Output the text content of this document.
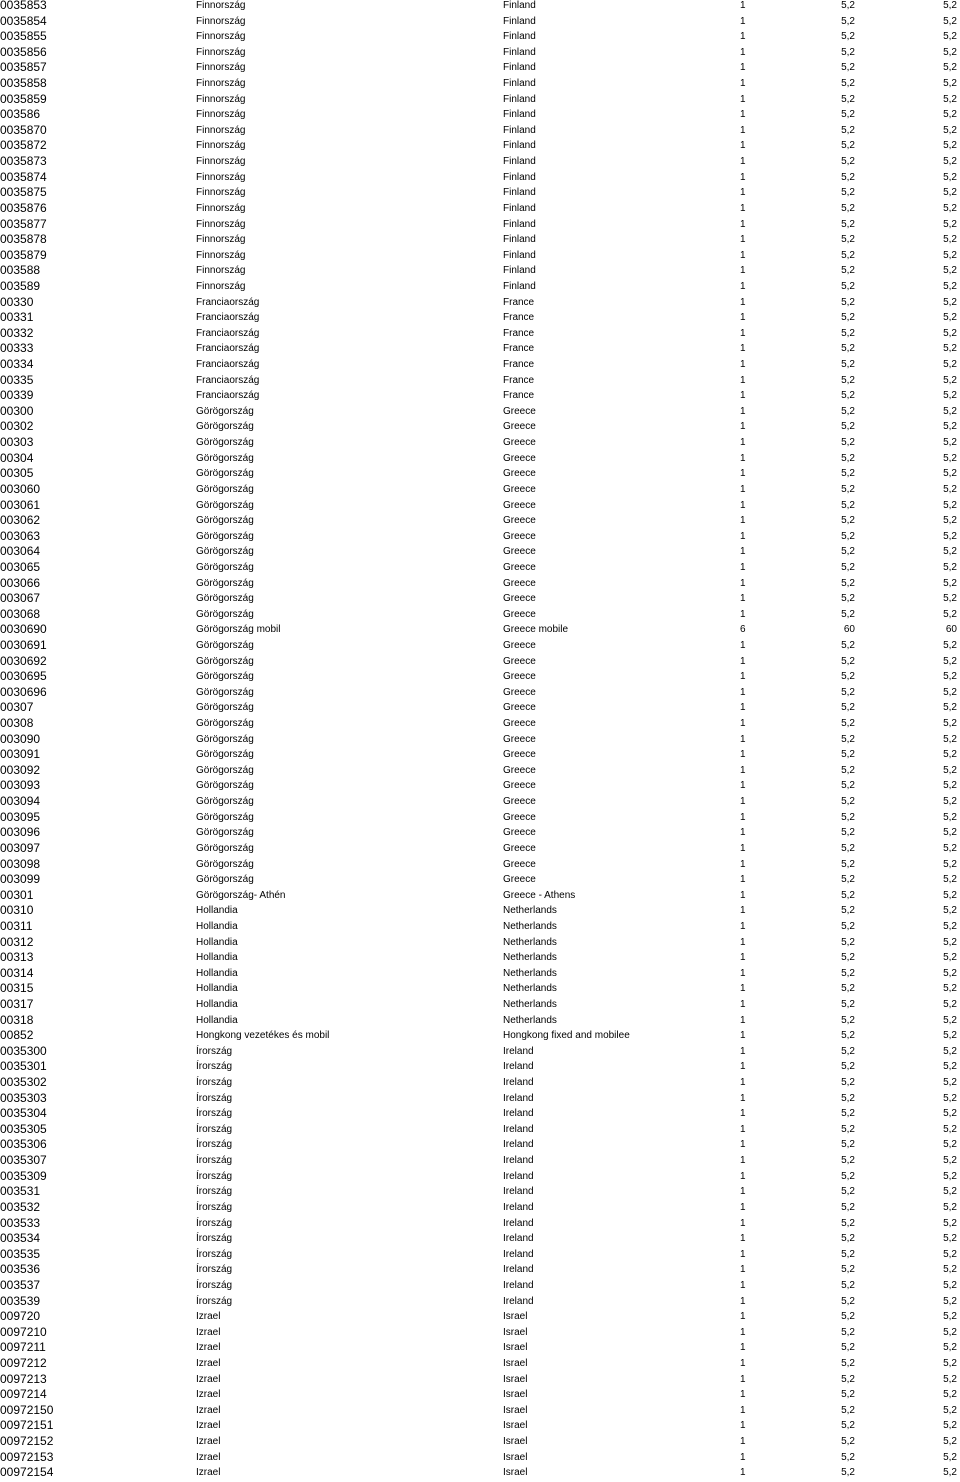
0035853	Finnország	Finland	1	5,2	5,2
0035854	Finnország	Finland	1	5,2	5,2
0035855	Finnország	Finland	1	5,2	5,2
0035856	Finnország	Finland	1	5,2	5,2
0035857	Finnország	Finland	1	5,2	5,2
0035858	Finnország	Finland	1	5,2	5,2
0035859	Finnország	Finland	1	5,2	5,2
003586	Finnország	Finland	1	5,2	5,2
0035870	Finnország	Finland	1	5,2	5,2
0035872	Finnország	Finland	1	5,2	5,2
0035873	Finnország	Finland	1	5,2	5,2
0035874	Finnország	Finland	1	5,2	5,2
0035875	Finnország	Finland	1	5,2	5,2
0035876	Finnország	Finland	1	5,2	5,2
0035877	Finnország	Finland	1	5,2	5,2
0035878	Finnország	Finland	1	5,2	5,2
0035879	Finnország	Finland	1	5,2	5,2
003588	Finnország	Finland	1	5,2	5,2
003589	Finnország	Finland	1	5,2	5,2
00330	Franciaország	France	1	5,2	5,2
00331	Franciaország	France	1	5,2	5,2
00332	Franciaország	France	1	5,2	5,2
00333	Franciaország	France	1	5,2	5,2
00334	Franciaország	France	1	5,2	5,2
00335	Franciaország	France	1	5,2	5,2
00339	Franciaország	France	1	5,2	5,2
00300	Görögország	Greece	1	5,2	5,2
00302	Görögország	Greece	1	5,2	5,2
00303	Görögország	Greece	1	5,2	5,2
00304	Görögország	Greece	1	5,2	5,2
00305	Görögország	Greece	1	5,2	5,2
003060	Görögország	Greece	1	5,2	5,2
003061	Görögország	Greece	1	5,2	5,2
003062	Görögország	Greece	1	5,2	5,2
003063	Görögország	Greece	1	5,2	5,2
003064	Görögország	Greece	1	5,2	5,2
003065	Görögország	Greece	1	5,2	5,2
003066	Görögország	Greece	1	5,2	5,2
003067	Görögország	Greece	1	5,2	5,2
003068	Görögország	Greece	1	5,2	5,2
0030690	Görögország mobil	Greece mobile	6	60	60
0030691	Görögország	Greece	1	5,2	5,2
0030692	Görögország	Greece	1	5,2	5,2
0030695	Görögország	Greece	1	5,2	5,2
0030696	Görögország	Greece	1	5,2	5,2
00307	Görögország	Greece	1	5,2	5,2
00308	Görögország	Greece	1	5,2	5,2
003090	Görögország	Greece	1	5,2	5,2
003091	Görögország	Greece	1	5,2	5,2
003092	Görögország	Greece	1	5,2	5,2
003093	Görögország	Greece	1	5,2	5,2
003094	Görögország	Greece	1	5,2	5,2
003095	Görögország	Greece	1	5,2	5,2
003096	Görögország	Greece	1	5,2	5,2
003097	Görögország	Greece	1	5,2	5,2
003098	Görögország	Greece	1	5,2	5,2
003099	Görögország	Greece	1	5,2	5,2
00301	Görögország- Athén	Greece - Athens	1	5,2	5,2
00310	Hollandia	Netherlands	1	5,2	5,2
00311	Hollandia	Netherlands	1	5,2	5,2
00312	Hollandia	Netherlands	1	5,2	5,2
00313	Hollandia	Netherlands	1	5,2	5,2
00314	Hollandia	Netherlands	1	5,2	5,2
00315	Hollandia	Netherlands	1	5,2	5,2
00317	Hollandia	Netherlands	1	5,2	5,2
00318	Hollandia	Netherlands	1	5,2	5,2
00852	Hongkong vezetékes és mobil	Hongkong fixed and mobilee	1	5,2	5,2
0035300	Írország	Ireland	1	5,2	5,2
0035301	Írország	Ireland	1	5,2	5,2
0035302	Írország	Ireland	1	5,2	5,2
0035303	Írország	Ireland	1	5,2	5,2
0035304	Írország	Ireland	1	5,2	5,2
0035305	Írország	Ireland	1	5,2	5,2
0035306	Írország	Ireland	1	5,2	5,2
0035307	Írország	Ireland	1	5,2	5,2
0035309	Írország	Ireland	1	5,2	5,2
003531	Írország	Ireland	1	5,2	5,2
003532	Írország	Ireland	1	5,2	5,2
003533	Írország	Ireland	1	5,2	5,2
003534	Írország	Ireland	1	5,2	5,2
003535	Írország	Ireland	1	5,2	5,2
003536	Írország	Ireland	1	5,2	5,2
003537	Írország	Ireland	1	5,2	5,2
003539	Írország	Ireland	1	5,2	5,2
009720	Izrael	Israel	1	5,2	5,2
0097210	Izrael	Israel	1	5,2	5,2
0097211	Izrael	Israel	1	5,2	5,2
0097212	Izrael	Israel	1	5,2	5,2
0097213	Izrael	Israel	1	5,2	5,2
0097214	Izrael	Israel	1	5,2	5,2
00972150	Izrael	Israel	1	5,2	5,2
00972151	Izrael	Israel	1	5,2	5,2
00972152	Izrael	Israel	1	5,2	5,2
00972153	Izrael	Israel	1	5,2	5,2
00972154	Izrael	Israel	1	5,2	5,2
